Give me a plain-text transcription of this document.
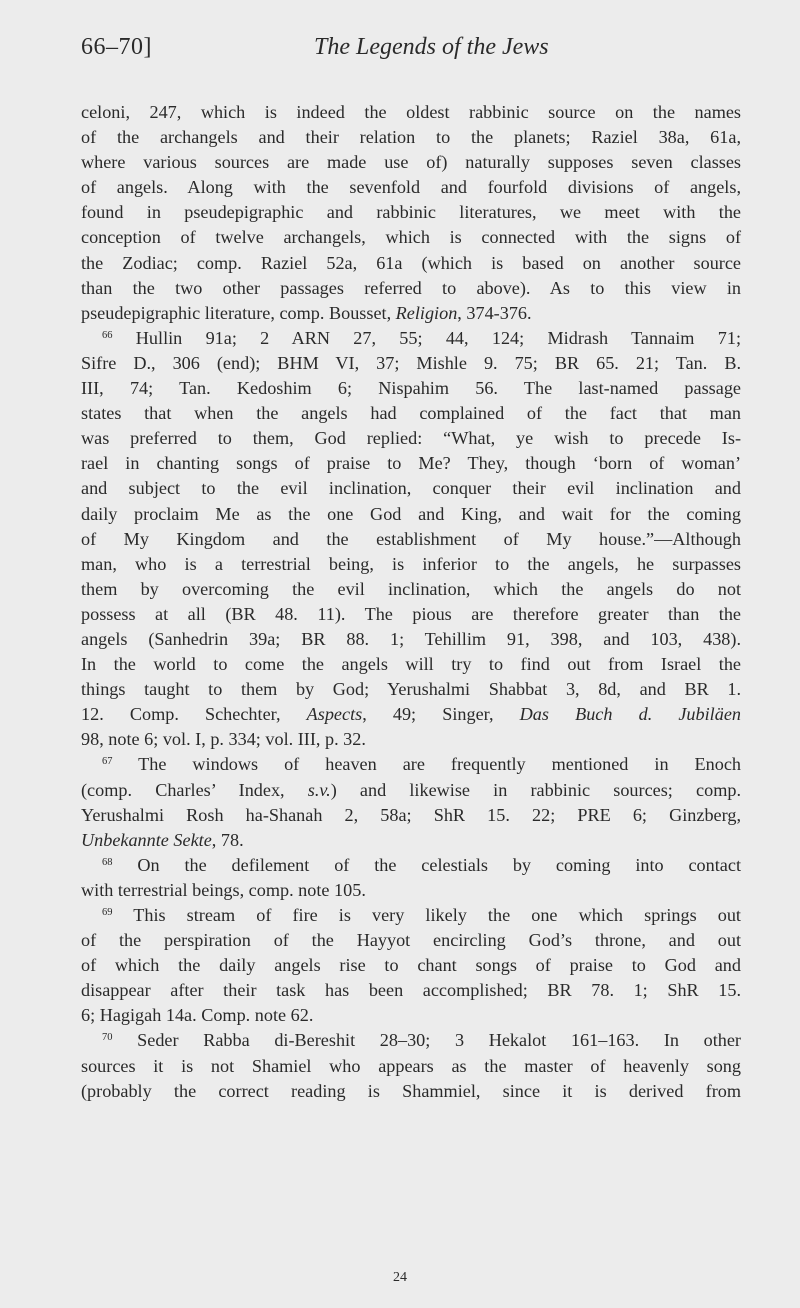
66–70]	The Legends of the Jews
celoni, 247, which is indeed the oldest rabbinic source on the names
of the archangels and their relation to the planets; Raziel 38a, 61a,
where various sources are made use of) naturally supposes seven classes
of angels. Along with the sevenfold and fourfold divisions of angels,
found in pseudepigraphic and rabbinic literatures, we meet with the
conception of twelve archangels, which is connected with the signs of
the Zodiac; comp. Raziel 52a, 61a (which is based on another source
than the two other passages referred to above). As to this view in
pseudepigraphic literature, comp. Bousset, Religion, 374-376.
$^{66}$ Hullin 91a; 2 ARN 27, 55; 44, 124; Midrash Tannaim 71;
Sifre D., 306 (end); BHM VI, 37; Mishle 9. 75; BR 65. 21; Tan. B.
III, 74; Tan. Kedoshim 6; Nispahim 56. The last-named passage
states that when the angels had complained of the fact that man
was preferred to them, God replied: “What, ye wish to precede Is-
rael in chanting songs of praise to Me? They, though ‘born of woman’
and subject to the evil inclination, conquer their evil inclination and
daily proclaim Me as the one God and King, and wait for the coming
of My Kingdom and the establishment of My house.”—Although
man, who is a terrestrial being, is inferior to the angels, he surpasses
them by overcoming the evil inclination, which the angels do not
possess at all (BR 48. 11). The pious are therefore greater than the
angels (Sanhedrin 39a; BR 88. 1; Tehillim 91, 398, and 103, 438).
In the world to come the angels will try to find out from Israel the
things taught to them by God; Yerushalmi Shabbat 3, 8d, and BR 1.
12. Comp. Schechter, Aspects, 49; Singer, Das Buch d. Jubiläen
98, note 6; vol. I, p. 334; vol. III, p. 32.
$^{67}$ The windows of heaven are frequently mentioned in Enoch
(comp. Charles’ Index, s.v.) and likewise in rabbinic sources; comp.
Yerushalmi Rosh ha-Shanah 2, 58a; ShR 15. 22; PRE 6; Ginzberg,
Unbekannte Sekte, 78.
$^{68}$ On the defilement of the celestials by coming into contact
with terrestrial beings, comp. note 105.
$^{69}$ This stream of fire is very likely the one which springs out
of the perspiration of the Hayyot encircling God’s throne, and out
of which the daily angels rise to chant songs of praise to God and
disappear after their task has been accomplished; BR 78. 1; ShR 15.
6; Hagigah 14a. Comp. note 62.
$^{70}$ Seder Rabba di-Bereshit 28–30; 3 Hekalot 161–163. In other
sources it is not Shamiel who appears as the master of heavenly song
(probably the correct reading is Shammiel, since it is derived from
24
